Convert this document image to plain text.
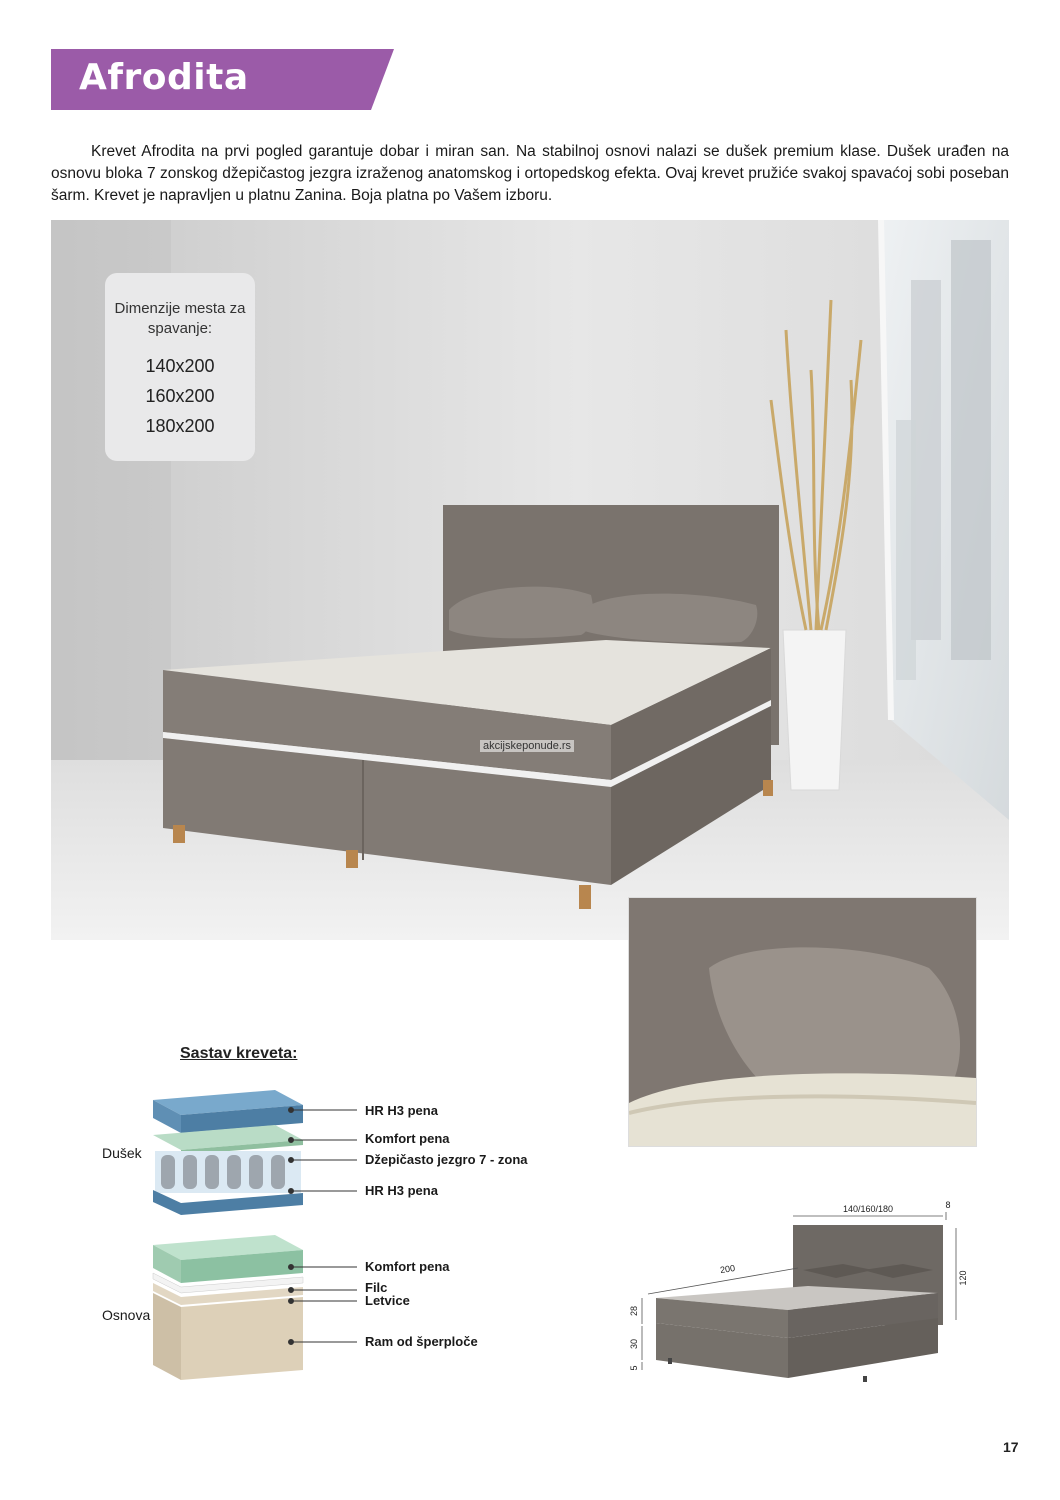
Afrodita
Krevet Afrodita na prvi pogled garantuje dobar i miran san. Na stabilnoj osnovi nalazi se dušek premium klase. Dušek urađen na osnovu bloka 7 zonskog džepičastog jezgra izraženog anatomskog i ortopedskog efekta. Ovaj krevet pružiće svakoj spavaćoj sobi poseban šarm. Krevet je napravljen u platnu Zanina. Boja platna po Vašem izboru.
Dimenzije mesta za spavanje:
140x200
160x200
180x200
akcijskeponude.rs
Sastav kreveta:
Dušek
Osnova
HR H3 pena
Komfort pena
Džepičasto jezgro 7 - zona
HR H3 pena
Komfort pena
Filc
Letvice
Ram od šperploče
140/160/180	8
200
120
28
30
5
17
